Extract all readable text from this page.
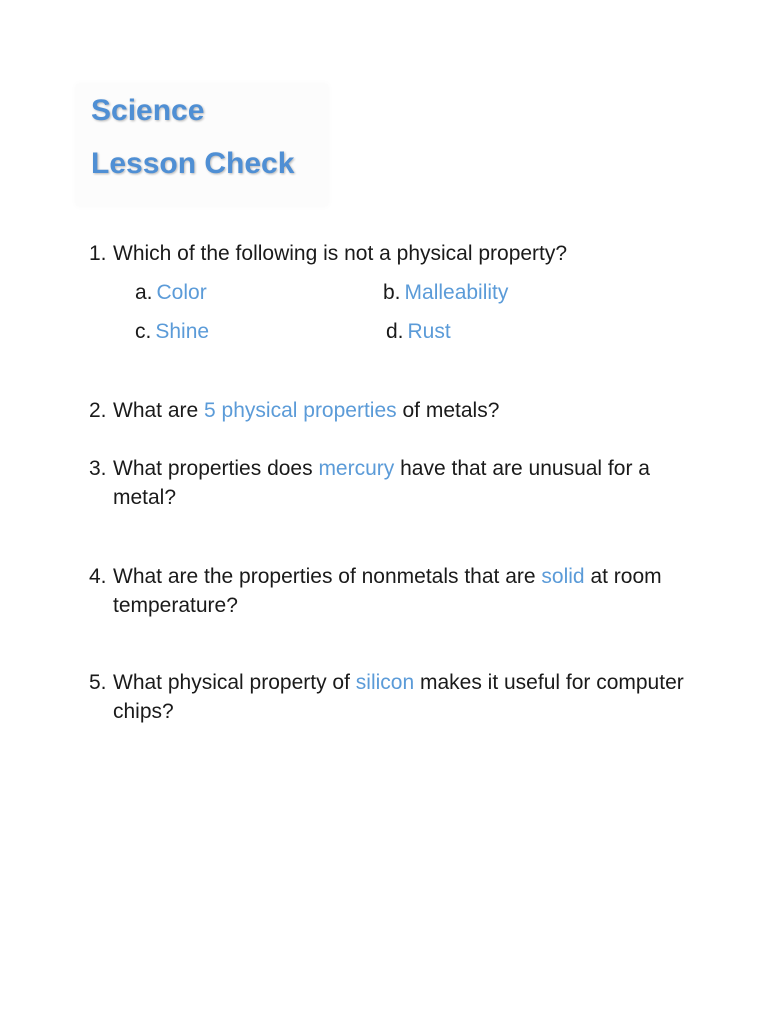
Science
Lesson Check
1. Which of the following is not a physical property?
a. Color	b. Malleability
c. Shine	d. Rust
2. What are 5 physical properties of metals?
3. What properties does mercury have that are unusual for a metal?
4. What are the properties of nonmetals that are solid at room temperature?
5. What physical property of silicon makes it useful for computer chips?
